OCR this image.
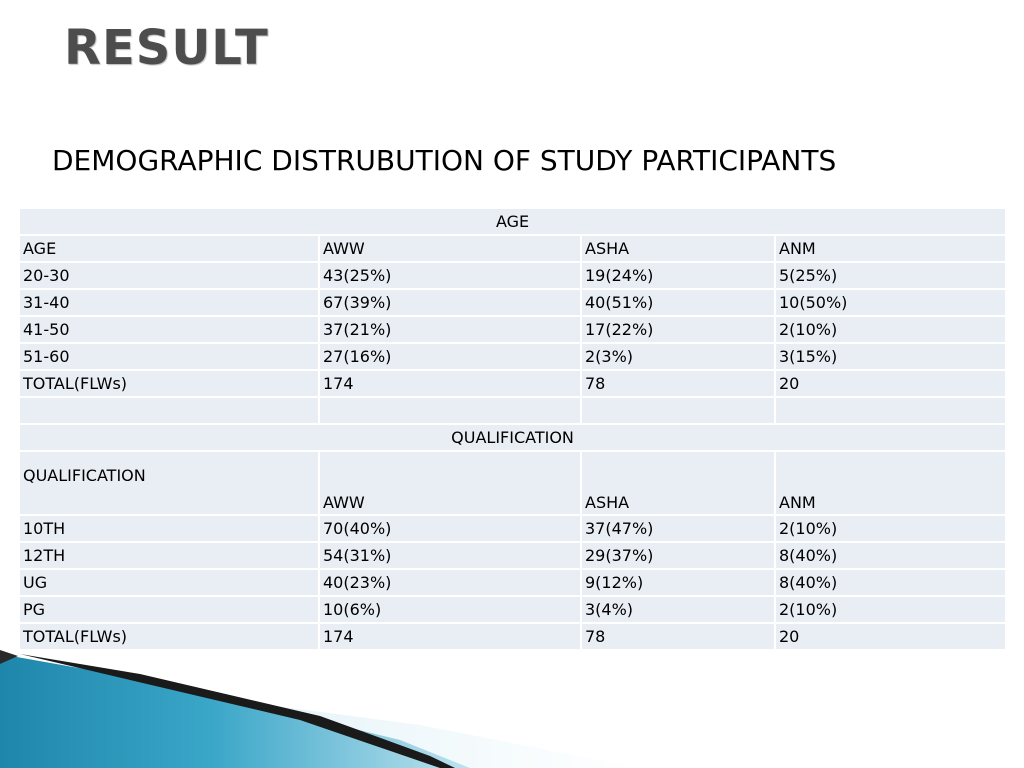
RESULT
DEMOGRAPHIC DISTRUBUTION OF STUDY PARTICIPANTS
AGE			
AGE	AWW	ASHA	ANM
20-30	43(25%)	19(24%)	5(25%)
31-40	67(39%)	40(51%)	10(50%)
41-50	37(21%)	17(22%)	2(10%)
51-60	27(16%)	2(3%)	3(15%)
TOTAL(FLWs)	174	78	20

QUALIFICATION			
QUALIFICATION	AWW	ASHA	ANM
10TH	70(40%)	37(47%)	2(10%)
12TH	54(31%)	29(37%)	8(40%)
UG	40(23%)	9(12%)	8(40%)
PG	10(6%)	3(4%)	2(10%)
TOTAL(FLWs)	174	78	20
